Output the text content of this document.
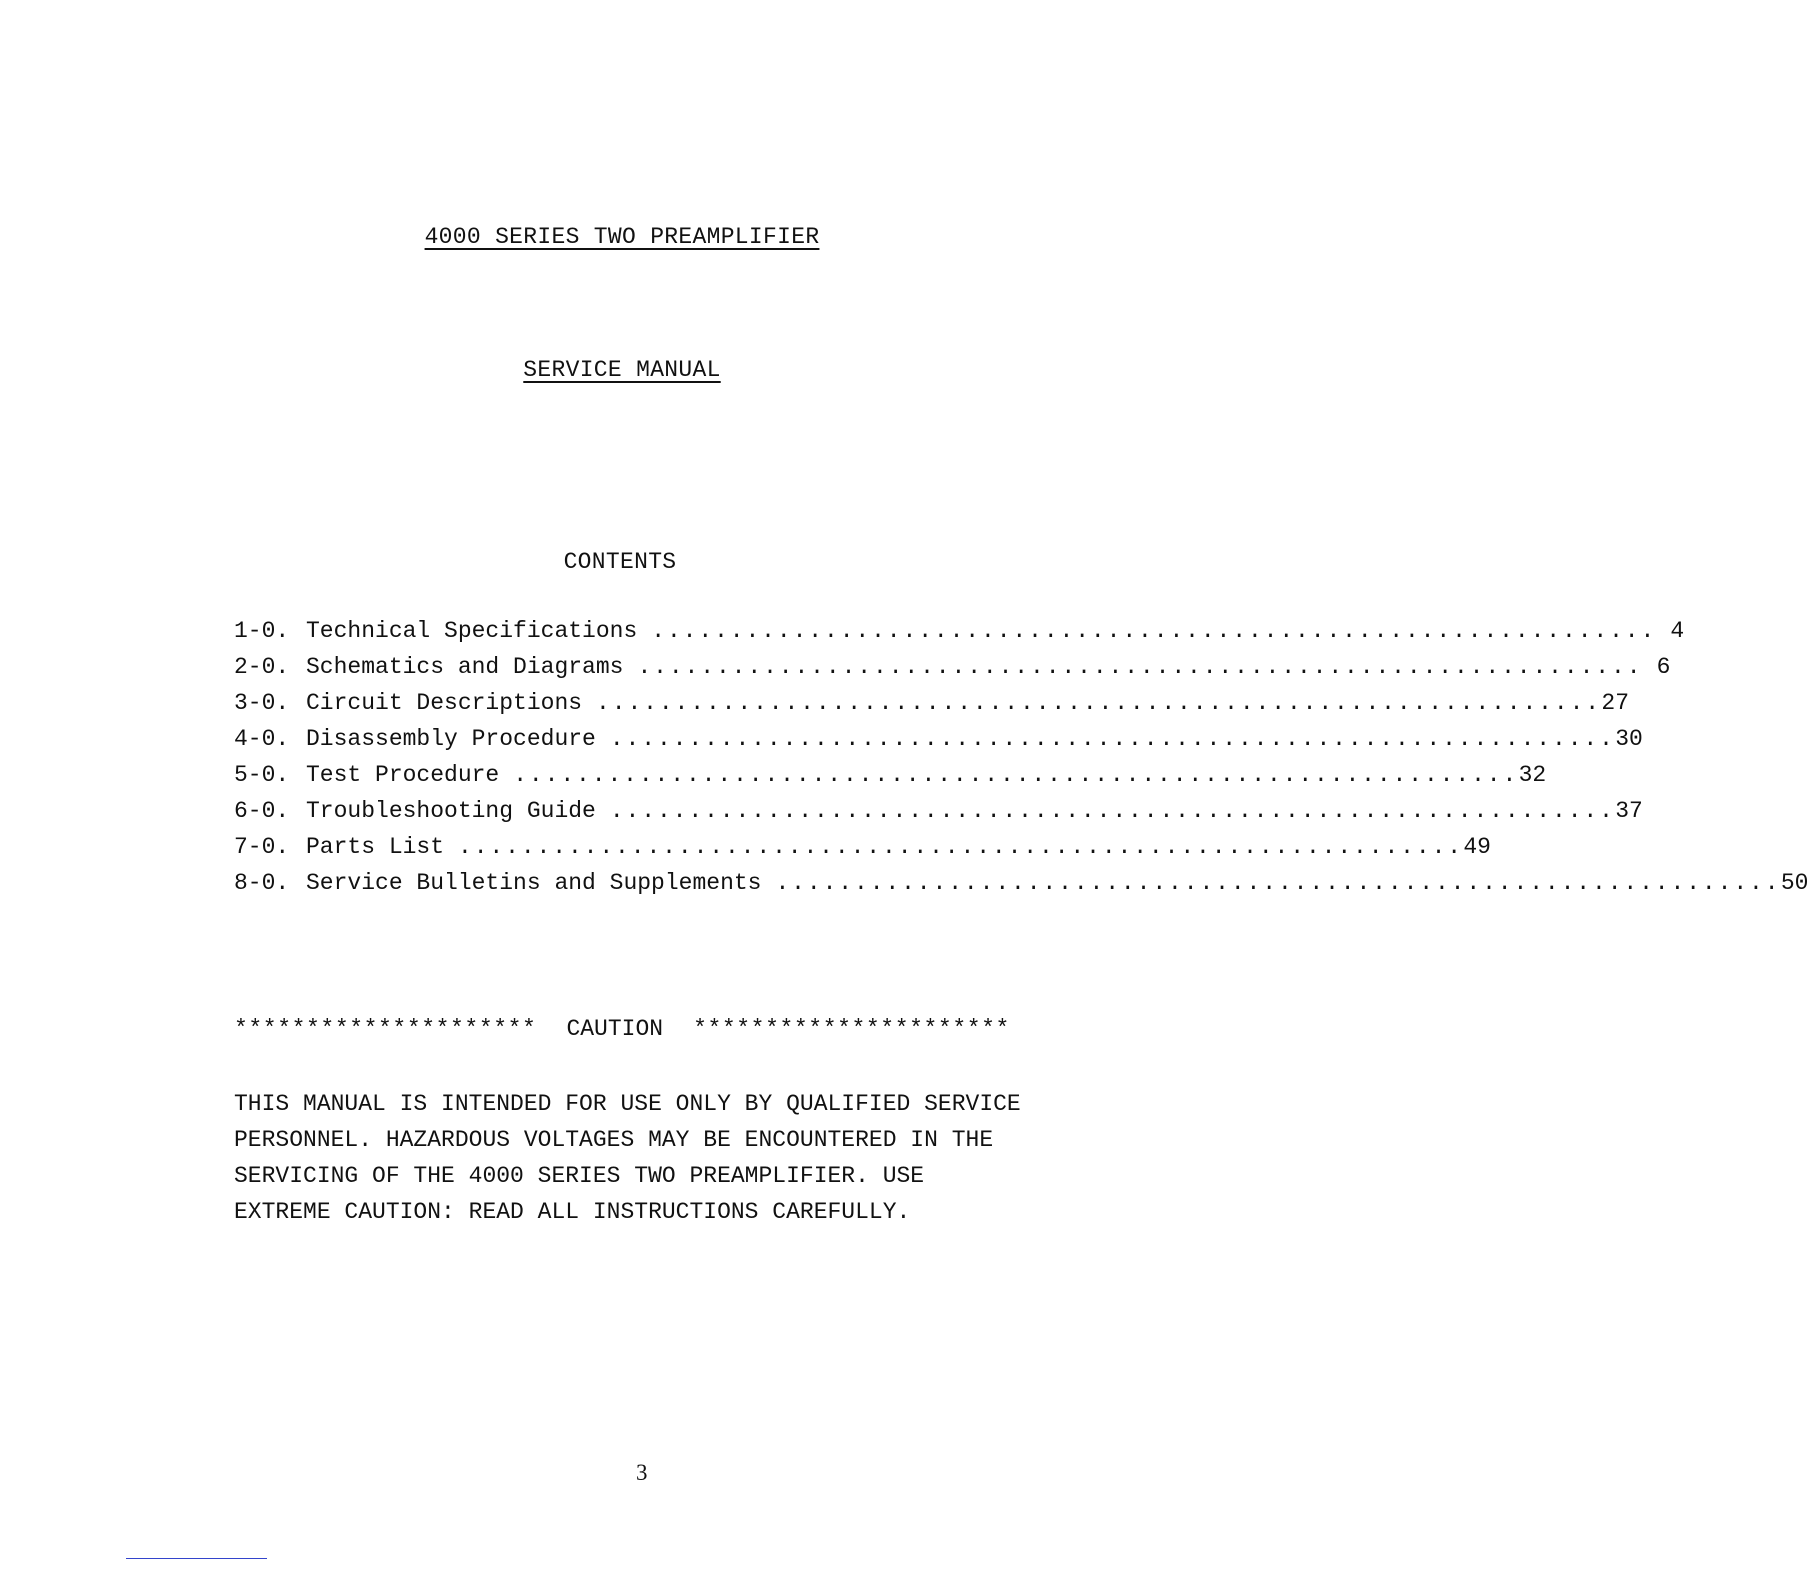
4000 SERIES TWO PREAMPLIFIER
SERVICE MANUAL
CONTENTS
1-0. Technical Specifications ................................................................ 4
2-0. Schematics and Diagrams ................................................................ 6
3-0. Circuit Descriptions ................................................................ 27
4-0. Disassembly Procedure ................................................................ 30
5-0. Test Procedure ................................................................ 32
6-0. Troubleshooting Guide ................................................................ 37
7-0. Parts List ................................................................ 49
8-0. Service Bulletins and Supplements ................................................................ 50
********************* CAUTION **********************
THIS MANUAL IS INTENDED FOR USE ONLY BY QUALIFIED SERVICE
PERSONNEL. HAZARDOUS VOLTAGES MAY BE ENCOUNTERED IN THE
SERVICING OF THE 4000 SERIES TWO PREAMPLIFIER. USE
EXTREME CAUTION: READ ALL INSTRUCTIONS CAREFULLY.
3
